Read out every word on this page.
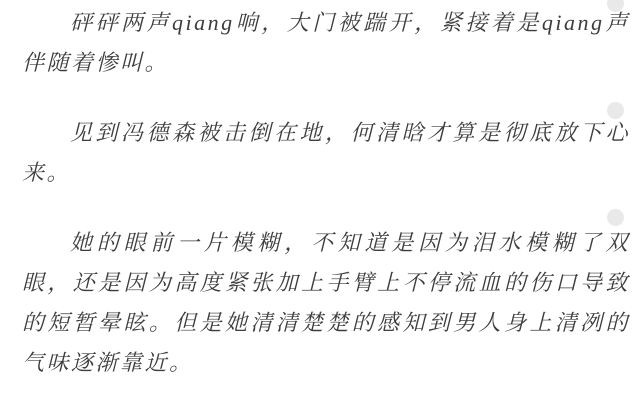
砰砰两声qiang响，大门被踹开，紧接着是qiang声伴随着惨叫。

见到冯德森被击倒在地，何清晗才算是彻底放下心来。

她的眼前一片模糊，不知道是因为泪水模糊了双眼，还是因为高度紧张加上手臂上不停流血的伤口导致的短暂晕眩。但是她清清楚楚的感知到男人身上清冽的气味逐渐靠近。
